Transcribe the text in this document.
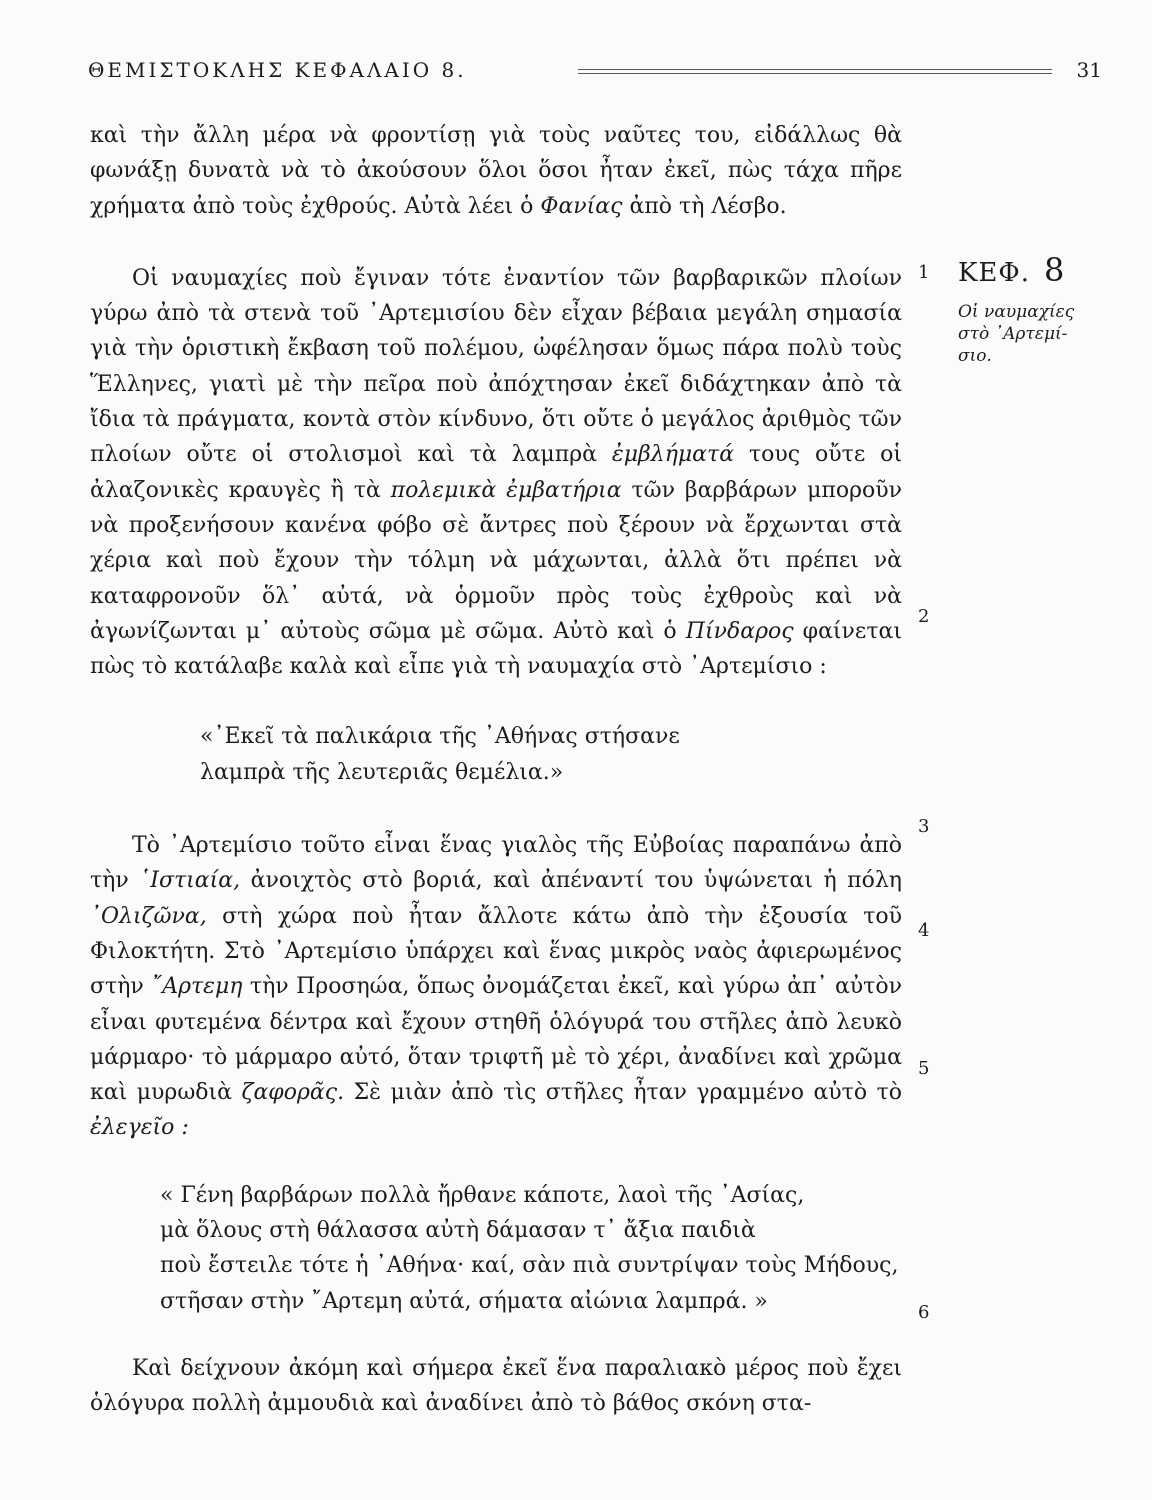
ΘΕΜΙΣΤΟΚΛΗΣ ΚΕΦΑΛΑΙΟ 8.	31

καὶ τὴν ἄλλη μέρα νὰ φροντίσῃ γιὰ τοὺς ναῦτες του, εἰδάλλως θὰ φωνάξῃ δυνατὰ νὰ τὸ ἀκούσουν ὅλοι ὅσοι ἦταν ἐκεῖ, πὼς τάχα πῆρε χρήματα ἀπὸ τοὺς ἐχθρούς. Αὐτὰ λέει ὁ Φανίας ἀπὸ τὴ Λέσβο.

Οἱ ναυμαχίες ποὺ ἔγιναν τότε ἐναντίον τῶν βαρβαρικῶν πλοίων γύρω ἀπὸ τὰ στενὰ τοῦ ᾽Αρτεμισίου δὲν εἶχαν βέβαια μεγάλη σημασία γιὰ τὴν ὁριστικὴ ἔκβαση τοῦ πολέμου, ὠφέλησαν ὅμως πάρα πολὺ τοὺς Ἕλληνες, γιατὶ μὲ τὴν πεῖρα ποὺ ἀπόχτησαν ἐκεῖ διδάχτηκαν ἀπὸ τὰ ἴδια τὰ πράγματα, κοντὰ στὸν κίνδυνο, ὅτι οὔτε ὁ μεγάλος ἀριθμὸς τῶν πλοίων οὔτε οἱ στολισμοὶ καὶ τὰ λαμπρὰ ἐμβλήματά τους οὔτε οἱ ἀλαζονικὲς κραυγὲς ἢ τὰ πολεμικὰ ἐμβατήρια τῶν βαρβάρων μποροῦν νὰ προξενήσουν κανένα φόβο σὲ ἄντρες ποὺ ξέρουν νὰ ἔρχωνται στὰ χέρια καὶ ποὺ ἔχουν τὴν τόλμη νὰ μάχωνται, ἀλλὰ ὅτι πρέπει νὰ καταφρονοῦν ὅλ᾽ αὐτά, νὰ ὁρμοῦν πρὸς τοὺς ἐχθροὺς καὶ νὰ ἀγωνίζωνται μ᾽ αὐτοὺς σῶμα μὲ σῶμα. Αὐτὸ καὶ ὁ Πίνδαρος φαίνεται πὼς τὸ κατάλαβε καλὰ καὶ εἶπε γιὰ τὴ ναυμαχία στὸ ᾽Αρτεμίσιο :

«᾽Εκεῖ τὰ παλικάρια τῆς ᾽Αθήνας στήσανε
λαμπρὰ τῆς λευτεριᾶς θεμέλια.»

Τὸ ᾽Αρτεμίσιο τοῦτο εἶναι ἕνας γιαλὸς τῆς Εὐβοίας παραπάνω ἀπὸ τὴν ῾Ιστιαία, ἀνοιχτὸς στὸ βοριά, καὶ ἀπέναντί του ὑψώνεται ἡ πόλη ᾽Ολιζῶνα, στὴ χώρα ποὺ ἦταν ἄλλοτε κάτω ἀπὸ τὴν ἐξουσία τοῦ Φιλοκτήτη. Στὸ ᾽Αρτεμίσιο ὑπάρχει καὶ ἕνας μικρὸς ναὸς ἀφιερωμένος στὴν ῎Αρτεμη τὴν Προσηώα, ὅπως ὀνομάζεται ἐκεῖ, καὶ γύρω ἀπ᾽ αὐτὸν εἶναι φυτεμένα δέντρα καὶ ἔχουν στηθῆ ὁλόγυρά του στῆλες ἀπὸ λευκὸ μάρμαρο· τὸ μάρμαρο αὐτό, ὅταν τριφτῆ μὲ τὸ χέρι, ἀναδίνει καὶ χρῶμα καὶ μυρωδιὰ ζαφορᾶς. Σὲ μιὰν ἀπὸ τὶς στῆλες ἦταν γραμμένο αὐτὸ τὸ ἐλεγεῖο :

« Γένη βαρβάρων πολλὰ ἤρθανε κάποτε, λαοὶ τῆς ᾽Ασίας,
μὰ ὅλους στὴ θάλασσα αὐτὴ δάμασαν τ᾽ ἄξια παιδιὰ
ποὺ ἔστειλε τότε ἡ ᾽Αθήνα· καί, σὰν πιὰ συντρίψαν τοὺς Μήδους,
στῆσαν στὴν ῎Αρτεμη αὐτά, σήματα αἰώνια λαμπρά. »

Καὶ δείχνουν ἀκόμη καὶ σήμερα ἐκεῖ ἕνα παραλιακὸ μέρος ποὺ ἔχει ὁλόγυρα πολλὴ ἀμμουδιὰ καὶ ἀναδίνει ἀπὸ τὸ βάθος σκόνη στα-

1
2
3
4
5
6
ΚΕΦ. 8
Οἱ ναυμαχίες
στὸ ᾽Αρτεμί-
σιο.
